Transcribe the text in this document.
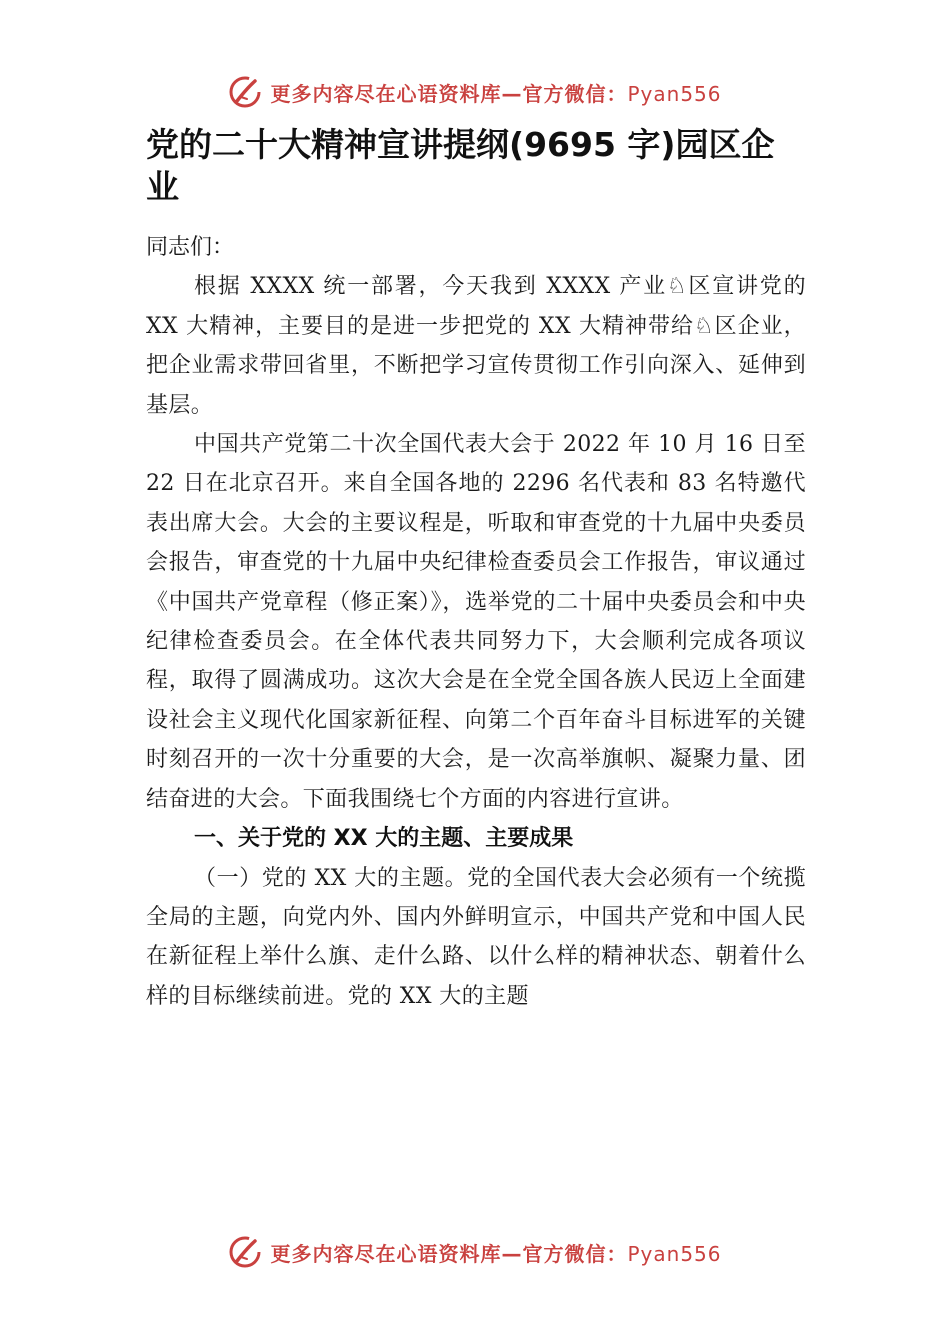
更多内容尽在心语资料库—官方微信：Pyan556
党的二十大精神宣讲提纲(9695 字)园区企业

同志们：

根据 XXXX 统一部署，今天我到 XXXX 产业♘区宣讲党的XX 大精神，主要目的是进一步把党的 XX 大精神带给♘区企业，把企业需求带回省里，不断把学习宣传贯彻工作引向深入、延伸到基层。

中国共产党第二十次全国代表大会于 2022 年 10 月 16 日至 22 日在北京召开。来自全国各地的 2296 名代表和 83 名特邀代表出席大会。大会的主要议程是，听取和审查党的十九届中央委员会报告，审查党的十九届中央纪律检查委员会工作报告，审议通过《中国共产党章程（修正案）》，选举党的二十届中央委员会和中央纪律检查委员会。在全体代表共同努力下，大会顺利完成各项议程，取得了圆满成功。这次大会是在全党全国各族人民迈上全面建设社会主义现代化国家新征程、向第二个百年奋斗目标进军的关键时刻召开的一次十分重要的大会，是一次高举旗帜、凝聚力量、团结奋进的大会。下面我围绕七个方面的内容进行宣讲。

一、关于党的 XX 大的主题、主要成果

（一）党的 XX 大的主题。党的全国代表大会必须有一个统揽全局的主题，向党内外、国内外鲜明宣示，中国共产党和中国人民在新征程上举什么旗、走什么路、以什么样的精神状态、朝着什么样的目标继续前进。党的 XX 大的主题

更多内容尽在心语资料库—官方微信：Pyan556
